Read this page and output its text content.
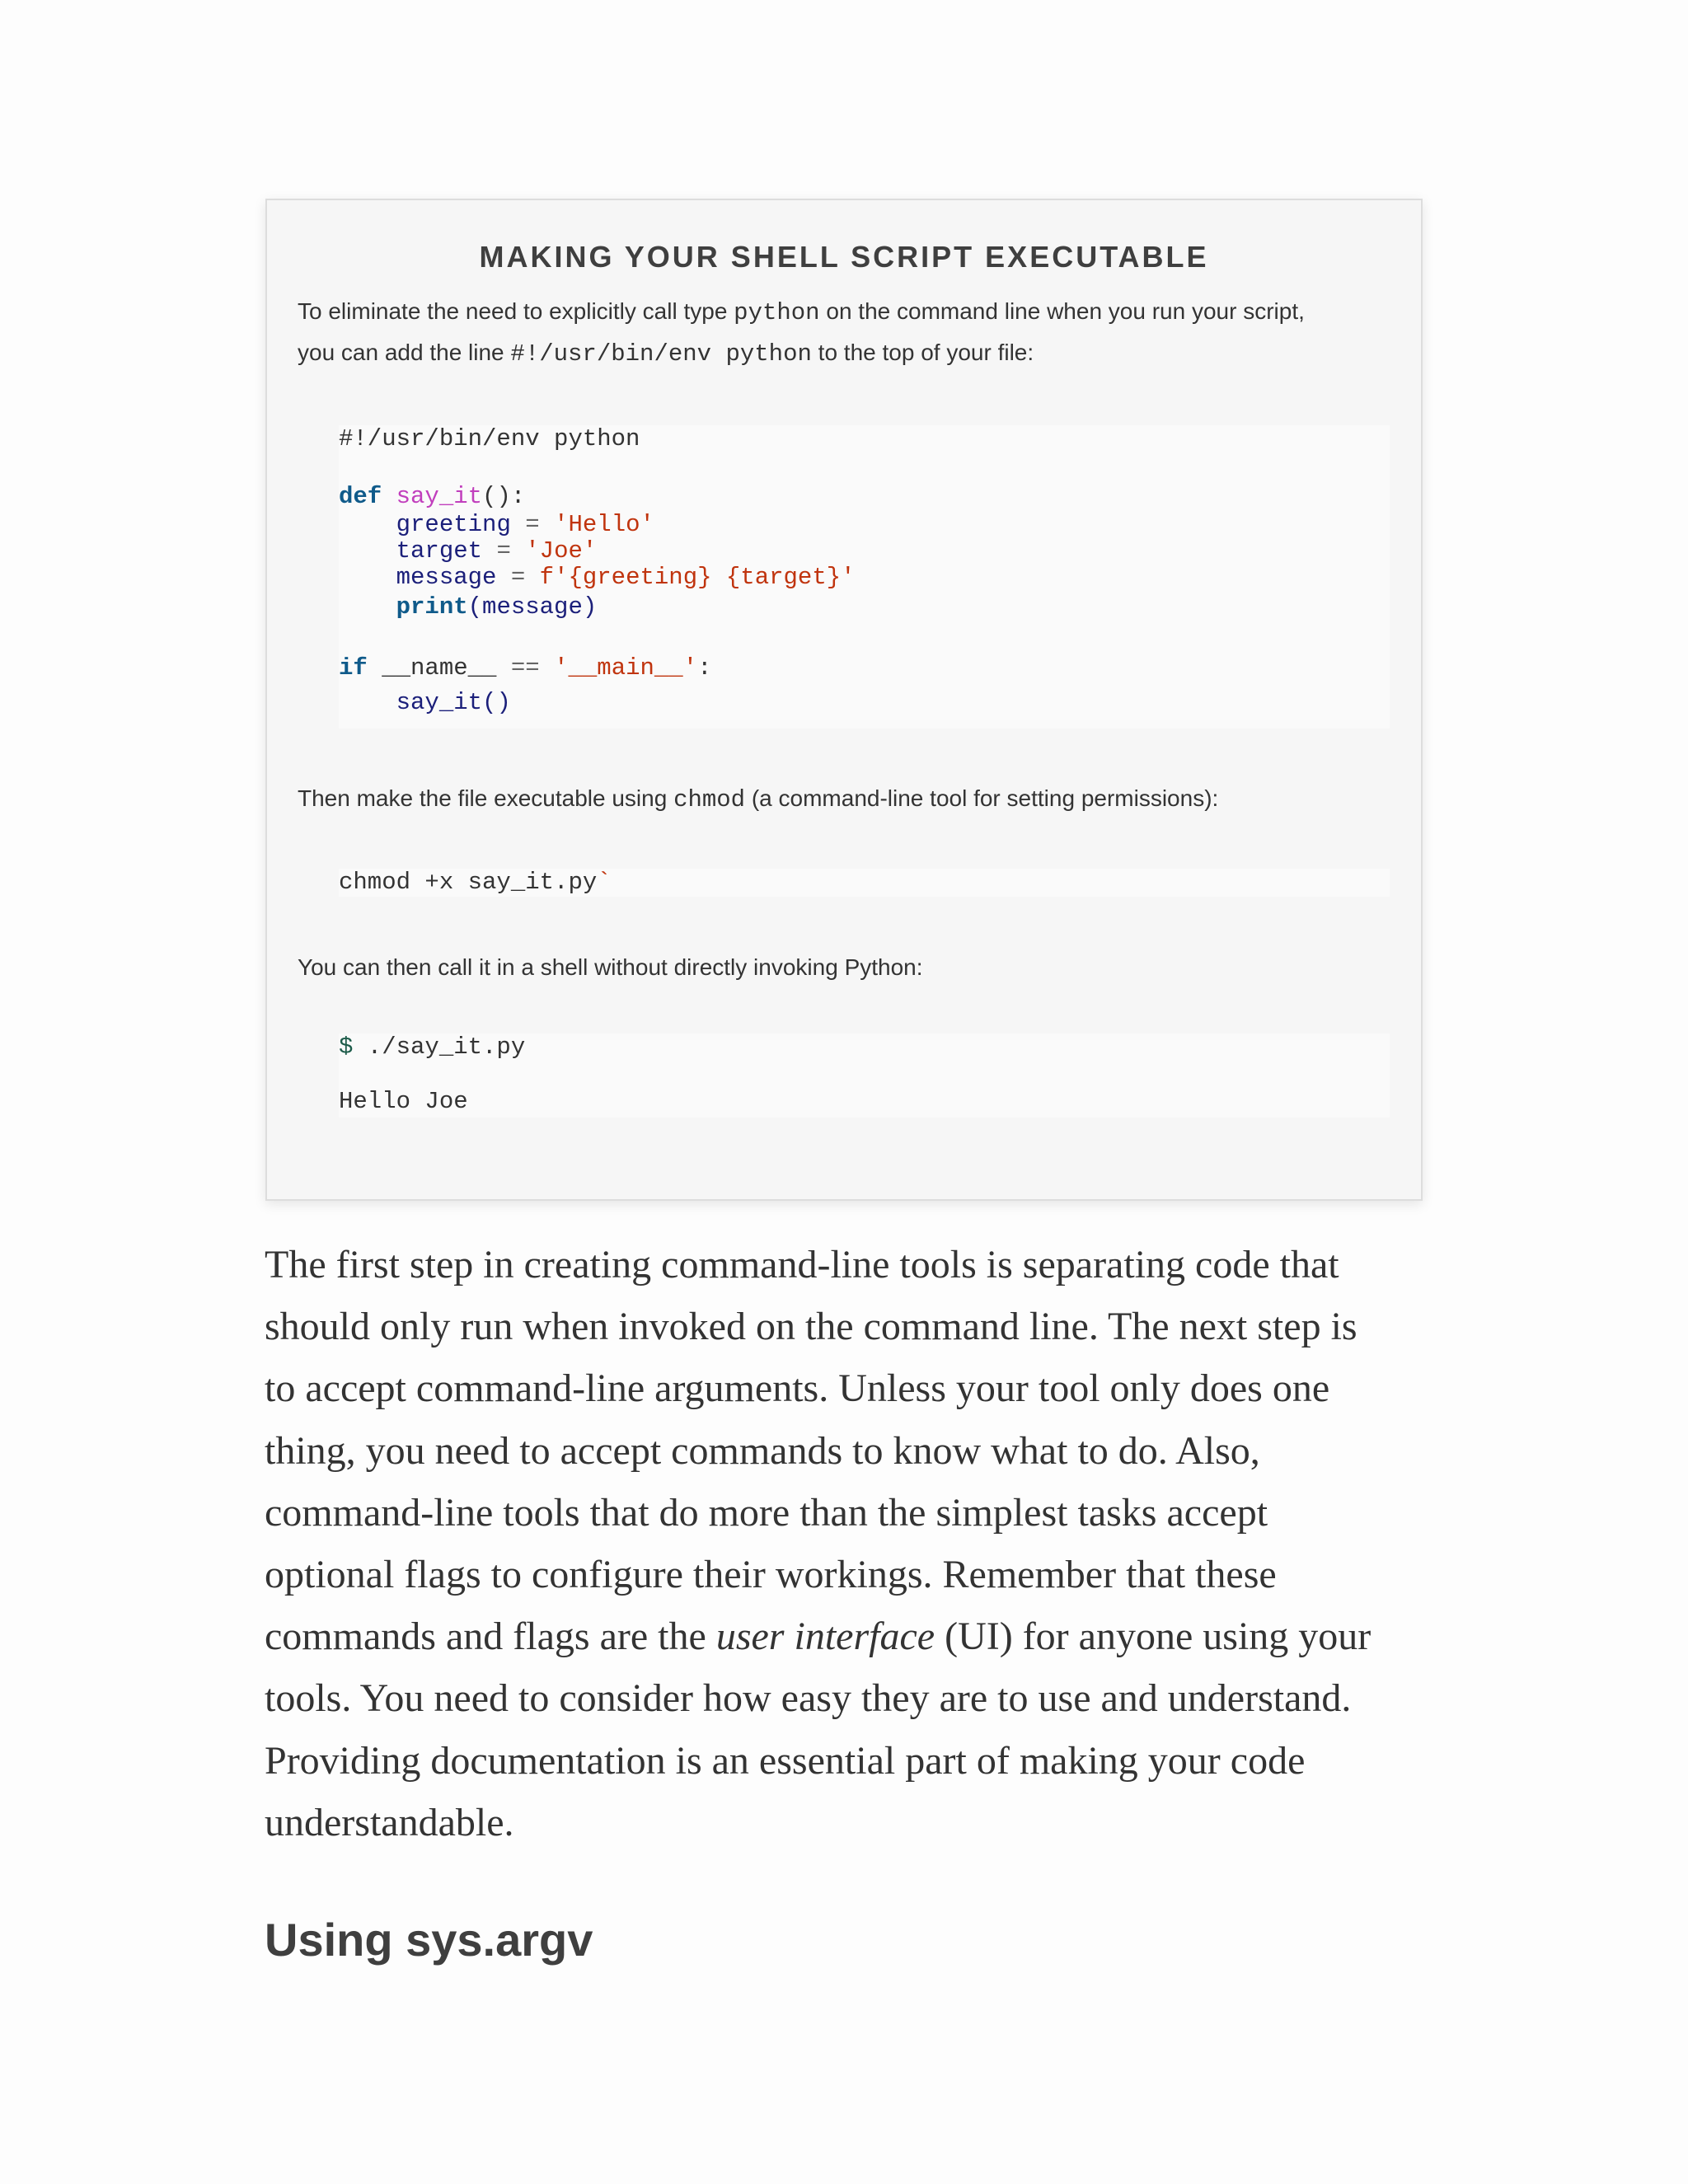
MAKING YOUR SHELL SCRIPT EXECUTABLE

To eliminate the need to explicitly call type python on the command line when you run your script,
you can add the line #!/usr/bin/env python to the top of your file:

#!/usr/bin/env python
def say_it():
greeting = 'Hello'
target = 'Joe'
message = f'{greeting} {target}'
print(message)
if __name__ == '__main__':
say_it()

Then make the file executable using chmod (a command-line tool for setting permissions):

chmod +x say_it.py`

You can then call it in a shell without directly invoking Python:

$ ./say_it.py
Hello Joe

The first step in creating command-line tools is separating code that
should only run when invoked on the command line. The next step is
to accept command-line arguments. Unless your tool only does one
thing, you need to accept commands to know what to do. Also,
command-line tools that do more than the simplest tasks accept
optional flags to configure their workings. Remember that these
commands and flags are the user interface (UI) for anyone using your
tools. You need to consider how easy they are to use and understand.
Providing documentation is an essential part of making your code
understandable.

Using sys.argv
